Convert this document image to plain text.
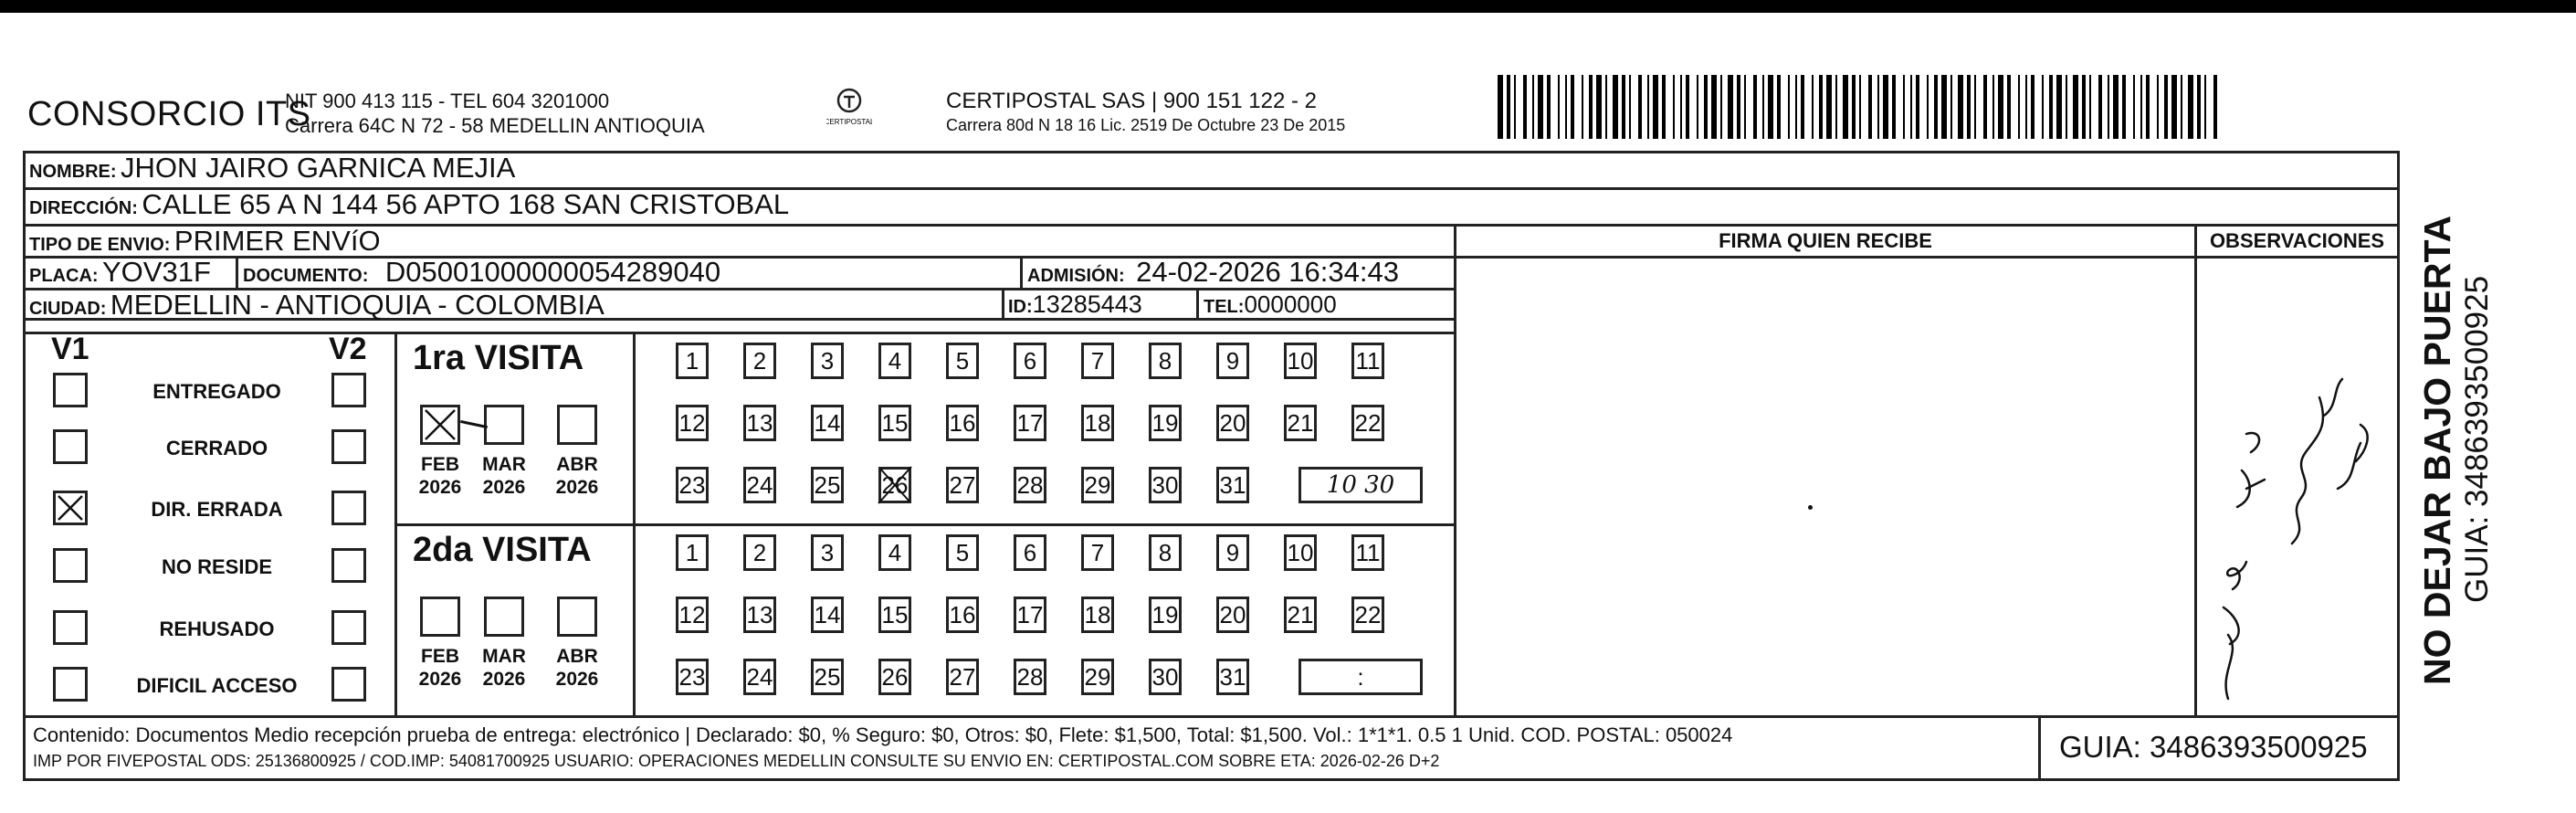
CONSORCIO ITS
NIT 900 413 115 - TEL 604 3201000
Carrera 64C N 72 - 58 MEDELLIN ANTIOQUIA	CERTIPOSTAL
CERTIPOSTAL SAS | 900 151 122 - 2
Carrera 80d N 18 16 Lic. 2519 De Octubre 23 De 2015
NOMBRE: JHON JAIRO GARNICA MEJIA
DIRECCIÓN: CALLE 65 A N 144 56 APTO 168 SAN CRISTOBAL
TIPO DE ENVIO: PRIMER ENVíO
PLACA: YOV31F DOCUMENTO: D05001000000054289040	ADMISIÓN: 24-02-2026 16:34:43
CIUDAD: MEDELLIN - ANTIOQUIA - COLOMBIA	ID:13285443	TEL:0000000
FIRMA QUIEN RECIBE	OBSERVACIONES
V1	V2
Contenido: Documentos Medio recepción prueba de entrega: electrónico | Declarado: $0, % Seguro: $0, Otros: $0, Flete: $1,500, Total: $1,500. Vol.: 1*1*1. 0.5 1 Unid. COD. POSTAL: 050024
IMP POR FIVEPOSTAL ODS: 25136800925 / COD.IMP: 54081700925 USUARIO: OPERACIONES MEDELLIN CONSULTE SU ENVIO EN: CERTIPOSTAL.COM SOBRE ETA: 2026-02-26 D+2	GUIA: 3486393500925
NO DEJAR BAJO PUERTA GUIA: 3486393500925
ENTREGADO
CERRADO
DIR. ERRADA
NO RESIDE
REHUSADO
DIFICIL ACCESO
1ra VISITA
FEB
2026
MAR
2026
ABR
2026
1	2	3	4	5	6	7	8	9	10 11
12 13 14 15 16 17 18 19 20 21 22
23 24 25 26 27 28 29 30 31	10 30
2da VISITA
FEB
2026
MAR
2026
ABR
2026
1	2	3	4	5	6	7	8	9	10 11
12 13 14 15 16 17 18 19 20 21 22
23 24 25 26 27 28 29 30 31	:
